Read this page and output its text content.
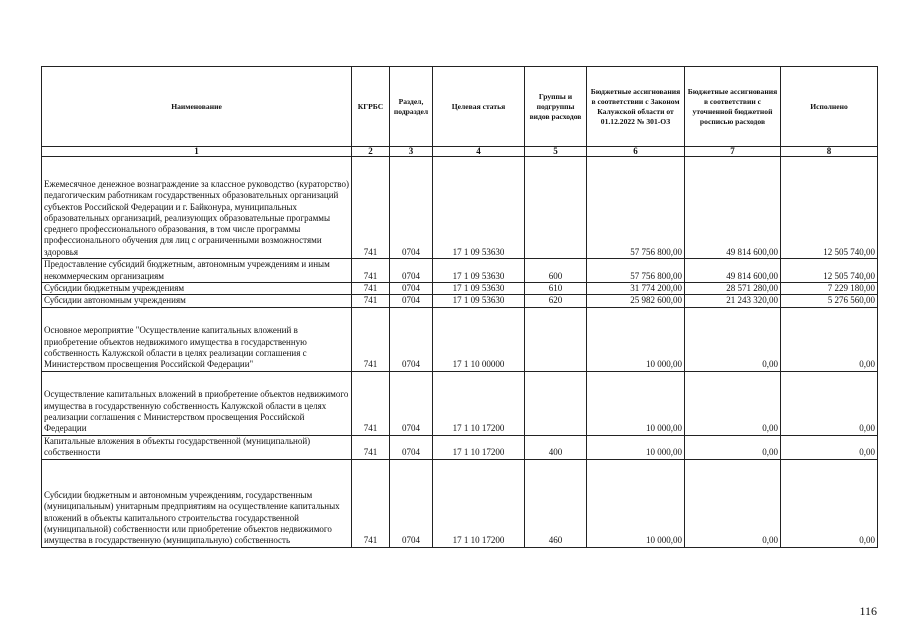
Наименование	КГРБС	Раздел, подраздел	Целевая статья	Группы и подгруппы видов расходов	Бюджетные ассигнования в соответствии с Законом Калужской области от 01.12.2022 № 301-ОЗ	Бюджетные ассигнования в соответствии с уточненной бюджетной росписью расходов	Исполнено
1	2	3	4	5	6	7	8
Ежемесячное денежное вознаграждение за классное руководство (кураторство) педагогическим работникам государственных образовательных организаций субъектов Российской Федерации и г. Байконура, муниципальных образовательных организаций, реализующих образовательные программы среднего профессионального образования, в том числе программы профессионального обучения для лиц с ограниченными возможностями здоровья	741	0704	17 1 09 53630		57 756 800,00	49 814 600,00	12 505 740,00
Предоставление субсидий бюджетным, автономным учреждениям и иным некоммерческим организациям	741	0704	17 1 09 53630	600	57 756 800,00	49 814 600,00	12 505 740,00
Субсидии бюджетным учреждениям	741	0704	17 1 09 53630	610	31 774 200,00	28 571 280,00	7 229 180,00
Субсидии автономным учреждениям	741	0704	17 1 09 53630	620	25 982 600,00	21 243 320,00	5 276 560,00
Основное мероприятие "Осуществление капитальных вложений в приобретение объектов недвижимого имущества в государственную собственность Калужской области в целях реализации соглашения с Министерством просвещения Российской Федерации"	741	0704	17 1 10 00000		10 000,00	0,00	0,00
Осуществление капитальных вложений в приобретение объектов недвижимого имущества в государственную собственность Калужской области в целях реализации соглашения с Министерством просвещения Российской Федерации	741	0704	17 1 10 17200		10 000,00	0,00	0,00
Капитальные вложения в объекты государственной (муниципальной) собственности	741	0704	17 1 10 17200	400	10 000,00	0,00	0,00
Субсидии бюджетным и автономным учреждениям, государственным (муниципальным) унитарным предприятиям на осуществление капитальных вложений в объекты капитального строительства государственной (муниципальной) собственности или приобретение объектов недвижимого имущества в государственную (муниципальную) собственность	741	0704	17 1 10 17200	460	10 000,00	0,00	0,00
116
